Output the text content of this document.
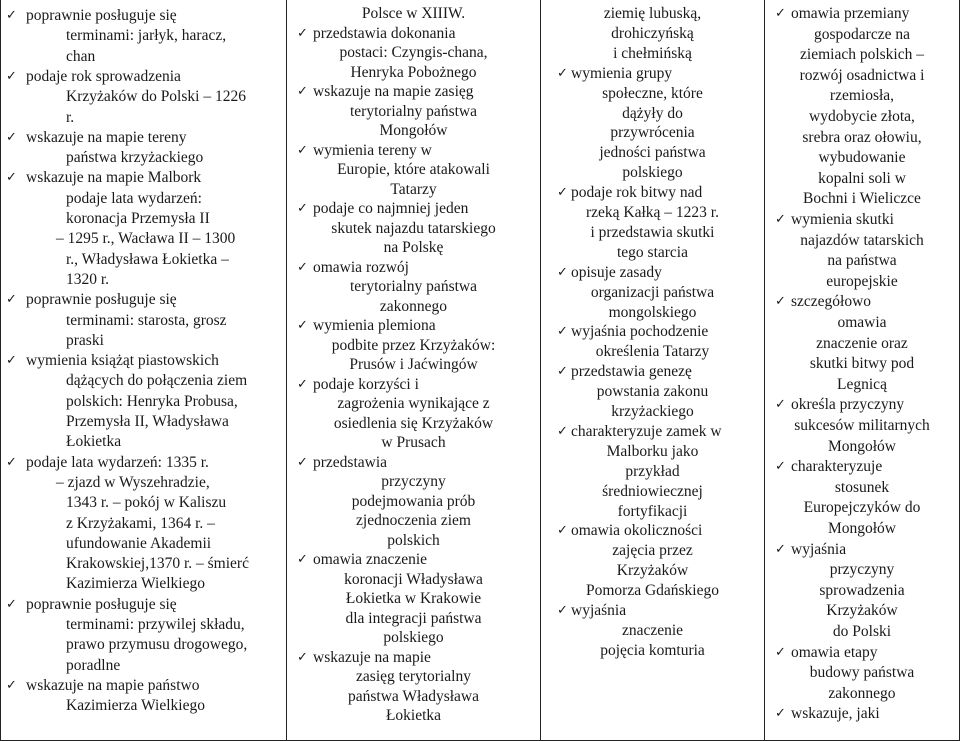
✓ poprawnie posługuje się
terminami: jarłyk, haracz,
chan
✓ podaje rok sprowadzenia
Krzyżaków do Polski – 1226
r.
✓ wskazuje na mapie tereny
państwa krzyżackiego
✓ wskazuje na mapie Malbork
podaje lata wydarzeń:
koronacja Przemysła II
– 1295 r., Wacława II – 1300
r., Władysława Łokietka –
1320 r.
✓ poprawnie posługuje się
terminami: starosta, grosz
praski
✓ wymienia książąt piastowskich
dążących do połączenia ziem
polskich: Henryka Probusa,
Przemysła II, Władysława
Łokietka
✓ podaje lata wydarzeń: 1335 r.
– zjazd w Wyszehradzie,
1343 r. – pokój w Kaliszu
z Krzyżakami, 1364 r. –
ufundowanie Akademii
Krakowskiej,1370 r. – śmierć
Kazimierza Wielkiego
✓ poprawnie posługuje się
terminami: przywilej składu,
prawo przymusu drogowego,
poradlne
✓ wskazuje na mapie państwo
Kazimierza Wielkiego
Polsce w XIIIW.
✓ przedstawia dokonania
postaci: Czyngis-chana,
Henryka Pobożnego
✓ wskazuje na mapie zasięg
terytorialny państwa
Mongołów
✓ wymienia tereny w
Europie, które atakowali
Tatarzy
✓ podaje co najmniej jeden
skutek najazdu tatarskiego
na Polskę
✓ omawia rozwój
terytorialny państwa
zakonnego
✓ wymienia plemiona
podbite przez Krzyżaków:
Prusów i Jaćwingów
✓ podaje korzyści i
zagrożenia wynikające z
osiedlenia się Krzyżaków
w Prusach
✓ przedstawia
przyczyny
podejmowania prób
zjednoczenia ziem
polskich
✓ omawia znaczenie
koronacji Władysława
Łokietka w Krakowie
dla integracji państwa
polskiego
✓ wskazuje na mapie
zasięg terytorialny
państwa Władysława
Łokietka
ziemię lubuską,
drohiczyńską
i chełmińską
✓ wymienia grupy
społeczne, które
dążyły do
przywrócenia
jedności państwa
polskiego
✓ podaje rok bitwy nad
rzeką Kałką – 1223 r.
i przedstawia skutki
tego starcia
✓ opisuje zasady
organizacji państwa
mongolskiego
✓ wyjaśnia pochodzenie
określenia Tatarzy
✓ przedstawia genezę
powstania zakonu
krzyżackiego
✓ charakteryzuje zamek w
Malborku jako
przykład
średniowiecznej
fortyfikacji
✓ omawia okoliczności
zajęcia przez
Krzyżaków
Pomorza Gdańskiego
✓ wyjaśnia
znaczenie
pojęcia komturia
✓ omawia przemiany
gospodarcze na
ziemiach polskich –
rozwój osadnictwa i
rzemiosła,
wydobycie złota,
srebra oraz ołowiu,
wybudowanie
kopalni soli w
Bochni i Wieliczce
✓ wymienia skutki
najazdów tatarskich
na państwa
europejskie
✓ szczegółowo
omawia
znaczenie oraz
skutki bitwy pod
Legnicą
✓ określa przyczyny
sukcesów militarnych
Mongołów
✓ charakteryzuje
stosunek
Europejczyków do
Mongołów
✓ wyjaśnia
przyczyny
sprowadzenia
Krzyżaków
do Polski
✓ omawia etapy
budowy państwa
zakonnego
✓ wskazuje, jaki
